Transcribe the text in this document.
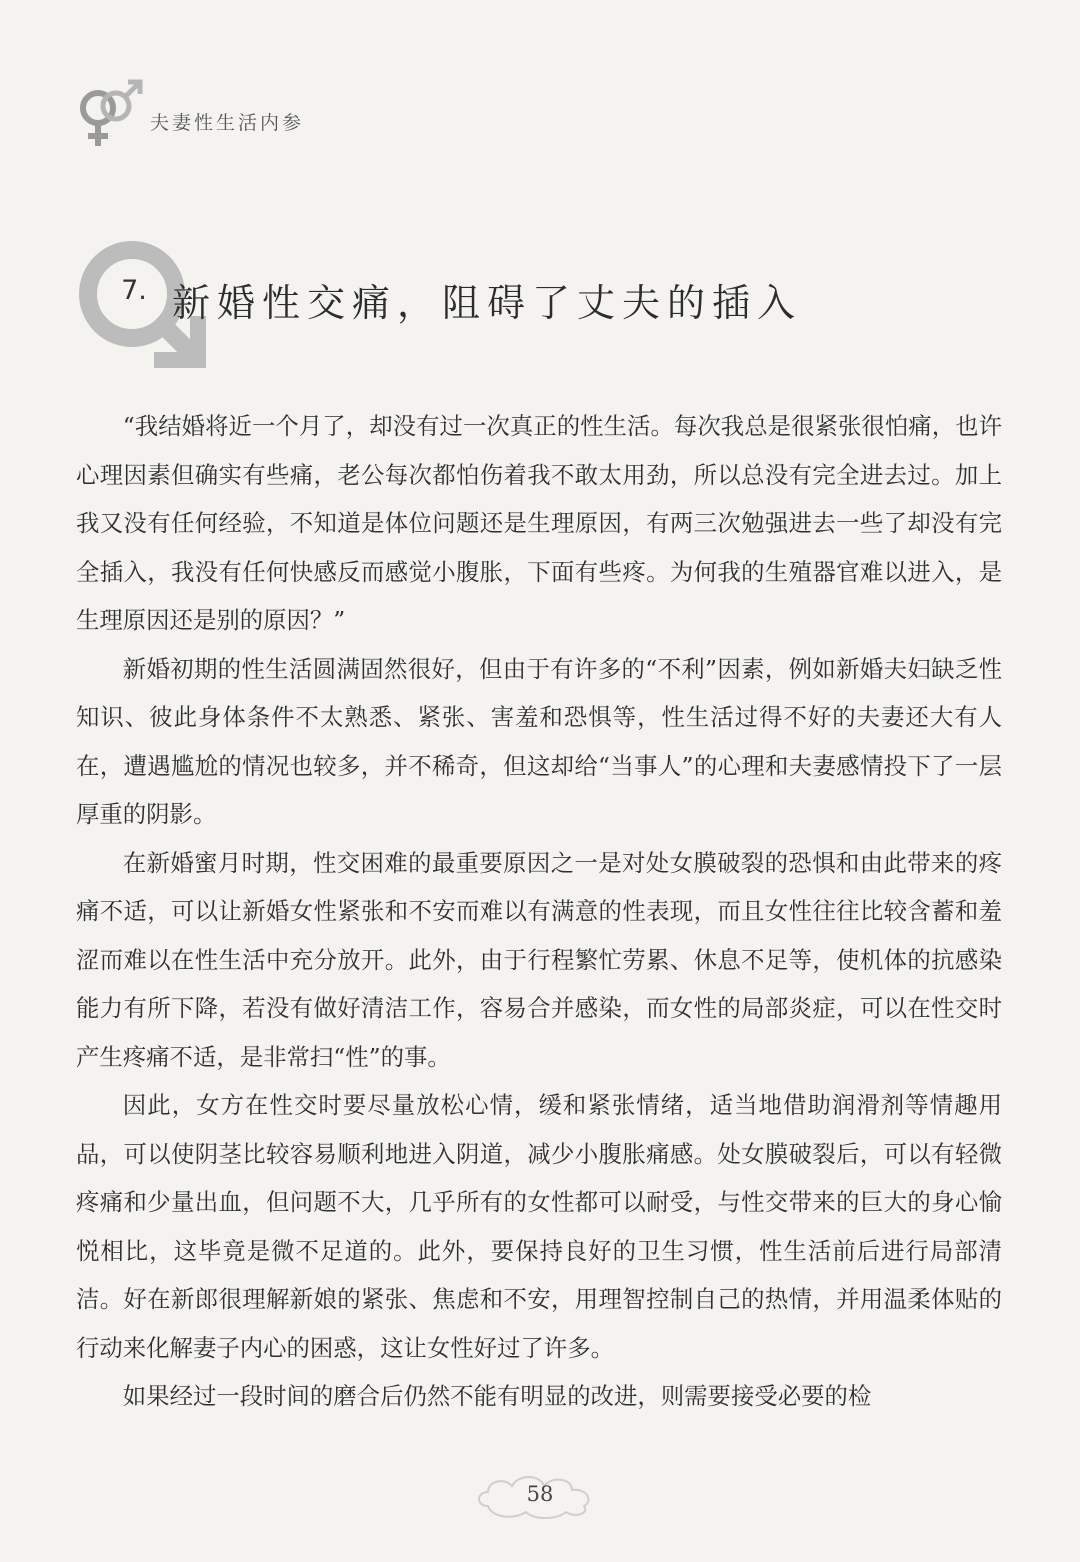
夫妻性生活内参
7. 新婚性交痛，阻碍了丈夫的插入

“我结婚将近一个月了，却没有过一次真正的性生活。每次我总是很紧张很怕痛，也许心理因素但确实有些痛，老公每次都怕伤着我不敢太用劲，所以总没有完全进去过。加上我又没有任何经验，不知道是体位问题还是生理原因，有两三次勉强进去一些了却没有完全插入，我没有任何快感反而感觉小腹胀，下面有些疼。为何我的生殖器官难以进入，是生理原因还是别的原因？”

新婚初期的性生活圆满固然很好，但由于有许多的“不利”因素，例如新婚夫妇缺乏性知识、彼此身体条件不太熟悉、紧张、害羞和恐惧等，性生活过得不好的夫妻还大有人在，遭遇尴尬的情况也较多，并不稀奇，但这却给“当事人”的心理和夫妻感情投下了一层厚重的阴影。

在新婚蜜月时期，性交困难的最重要原因之一是对处女膜破裂的恐惧和由此带来的疼痛不适，可以让新婚女性紧张和不安而难以有满意的性表现，而且女性往往比较含蓄和羞涩而难以在性生活中充分放开。此外，由于行程繁忙劳累、休息不足等，使机体的抗感染能力有所下降，若没有做好清洁工作，容易合并感染，而女性的局部炎症，可以在性交时产生疼痛不适，是非常扫“性”的事。

因此，女方在性交时要尽量放松心情，缓和紧张情绪，适当地借助润滑剂等情趣用品，可以使阴茎比较容易顺利地进入阴道，减少小腹胀痛感。处女膜破裂后，可以有轻微疼痛和少量出血，但问题不大，几乎所有的女性都可以耐受，与性交带来的巨大的身心愉悦相比，这毕竟是微不足道的。此外，要保持良好的卫生习惯，性生活前后进行局部清洁。好在新郎很理解新娘的紧张、焦虑和不安，用理智控制自己的热情，并用温柔体贴的行动来化解妻子内心的困惑，这让女性好过了许多。

如果经过一段时间的磨合后仍然不能有明显的改进，则需要接受必要的检

58
